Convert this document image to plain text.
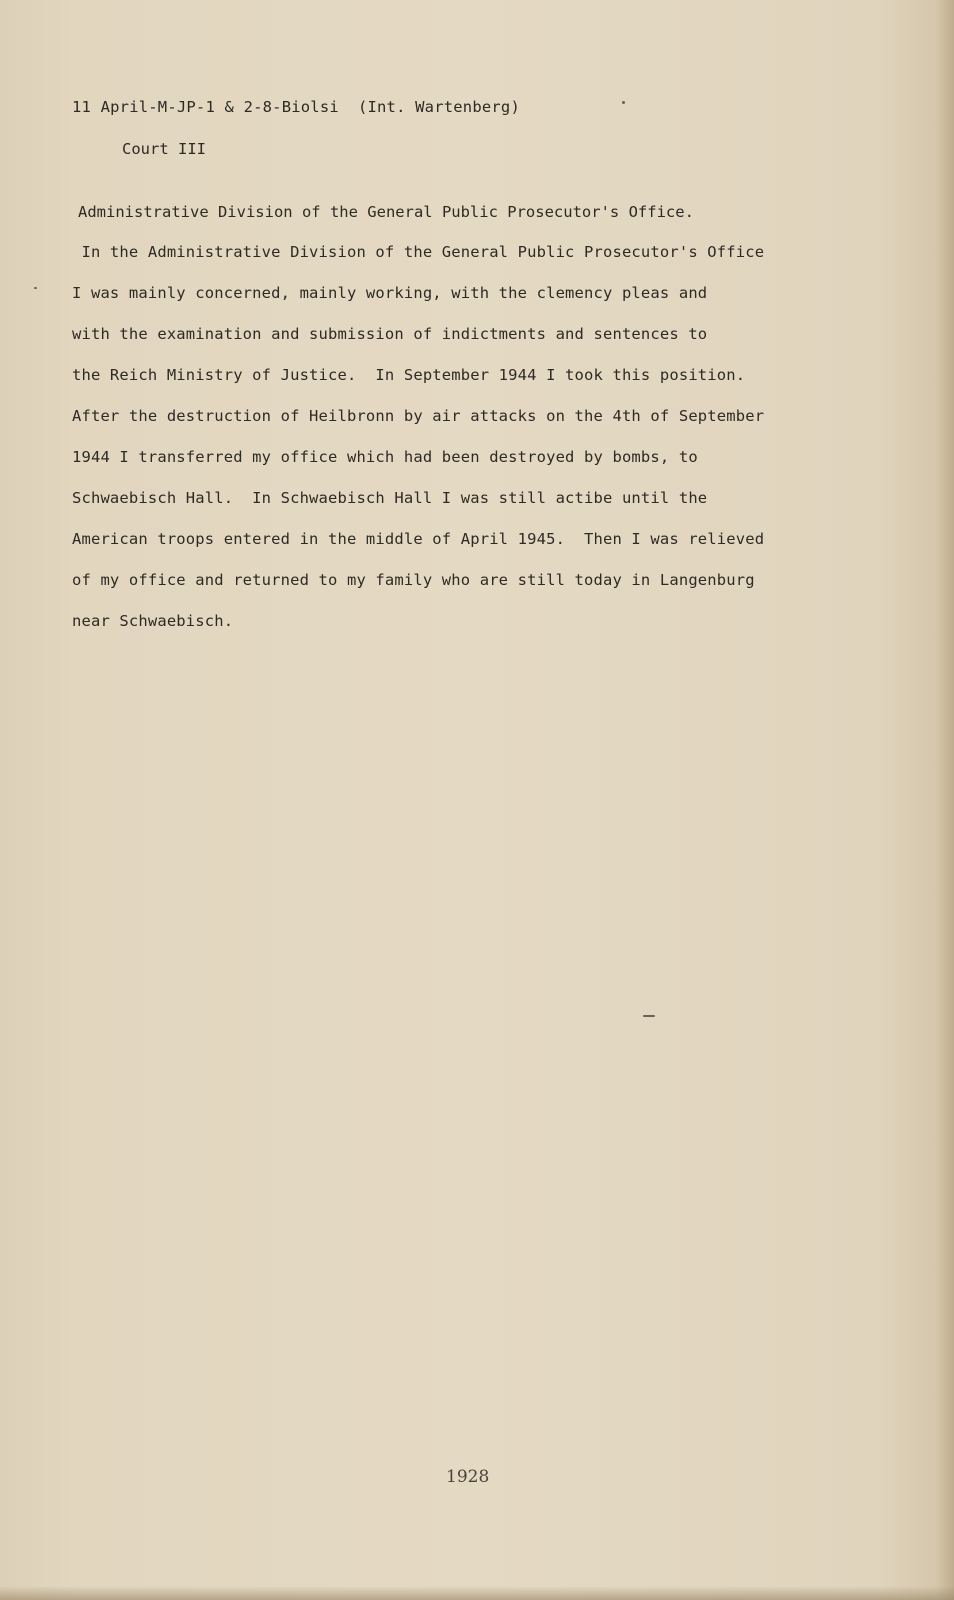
11 April-M-JP-1 & 2-8-Biolsi  (Int. Wartenberg)
Court III
Administrative Division of the General Public Prosecutor's Office.
In the Administrative Division of the General Public Prosecutor's Office
I was mainly concerned, mainly working, with the clemency pleas and
with the examination and submission of indictments and sentences to
the Reich Ministry of Justice.  In September 1944 I took this position.
After the destruction of Heilbronn by air attacks on the 4th of September
1944 I transferred my office which had been destroyed by bombs, to
Schwaebisch Hall.  In Schwaebisch Hall I was still actibe until the
American troops entered in the middle of April 1945.  Then I was relieved
of my office and returned to my family who are still today in Langenburg
near Schwaebisch.
1928
